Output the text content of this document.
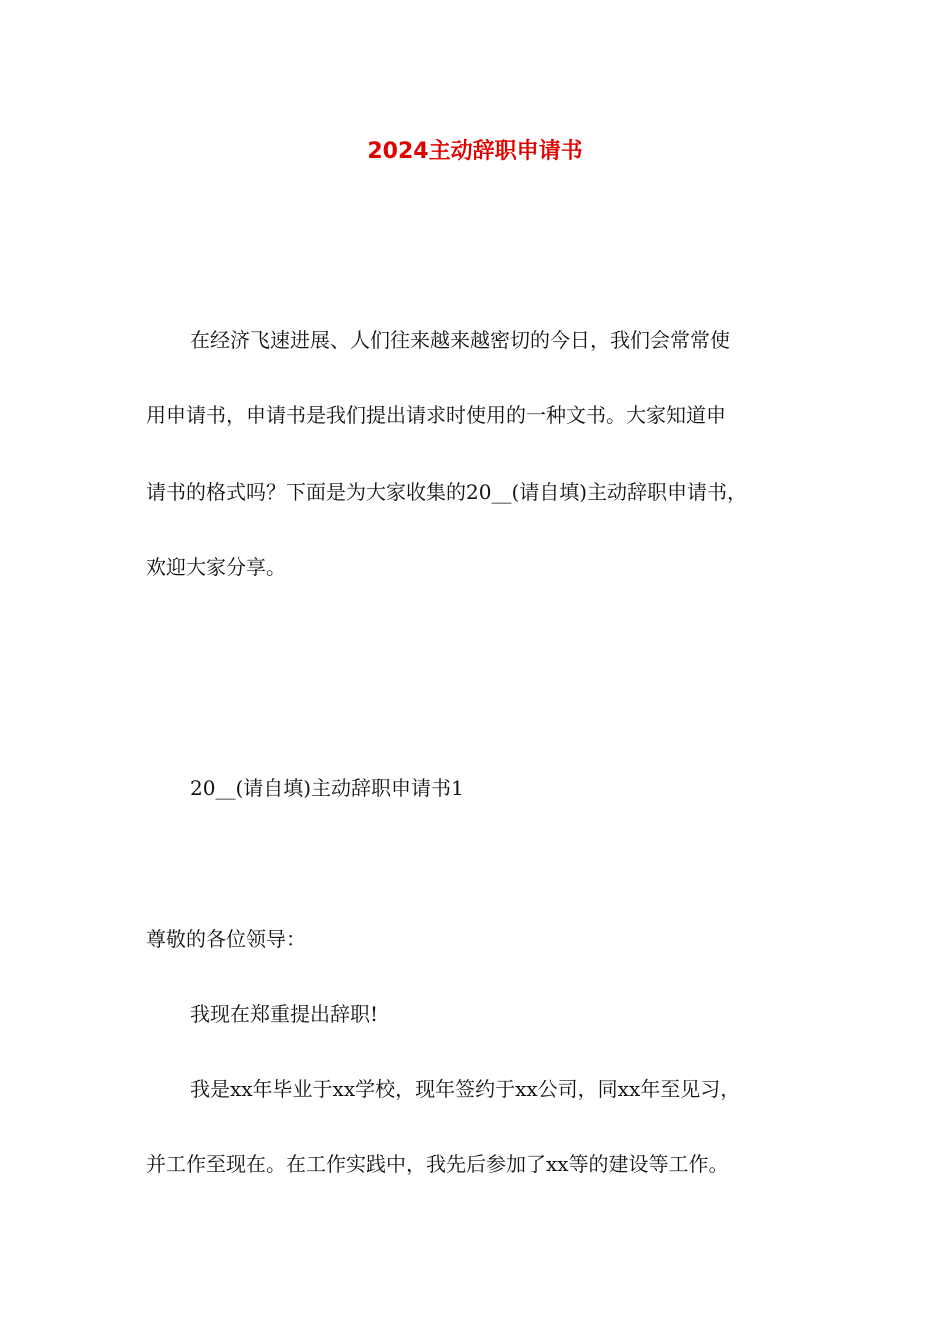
2024主动辞职申请书

在经济飞速进展、人们往来越来越密切的今日，我们会常常使

用申请书，申请书是我们提出请求时使用的一种文书。大家知道申

请书的格式吗？下面是为大家收集的20__(请自填)主动辞职申请书，

欢迎大家分享。

20__(请自填)主动辞职申请书1

尊敬的各位领导：

我现在郑重提出辞职!

我是xx年毕业于xx学校，现年签约于xx公司，同xx年至见习，

并工作至现在。在工作实践中，我先后参加了xx等的建设等工作。
